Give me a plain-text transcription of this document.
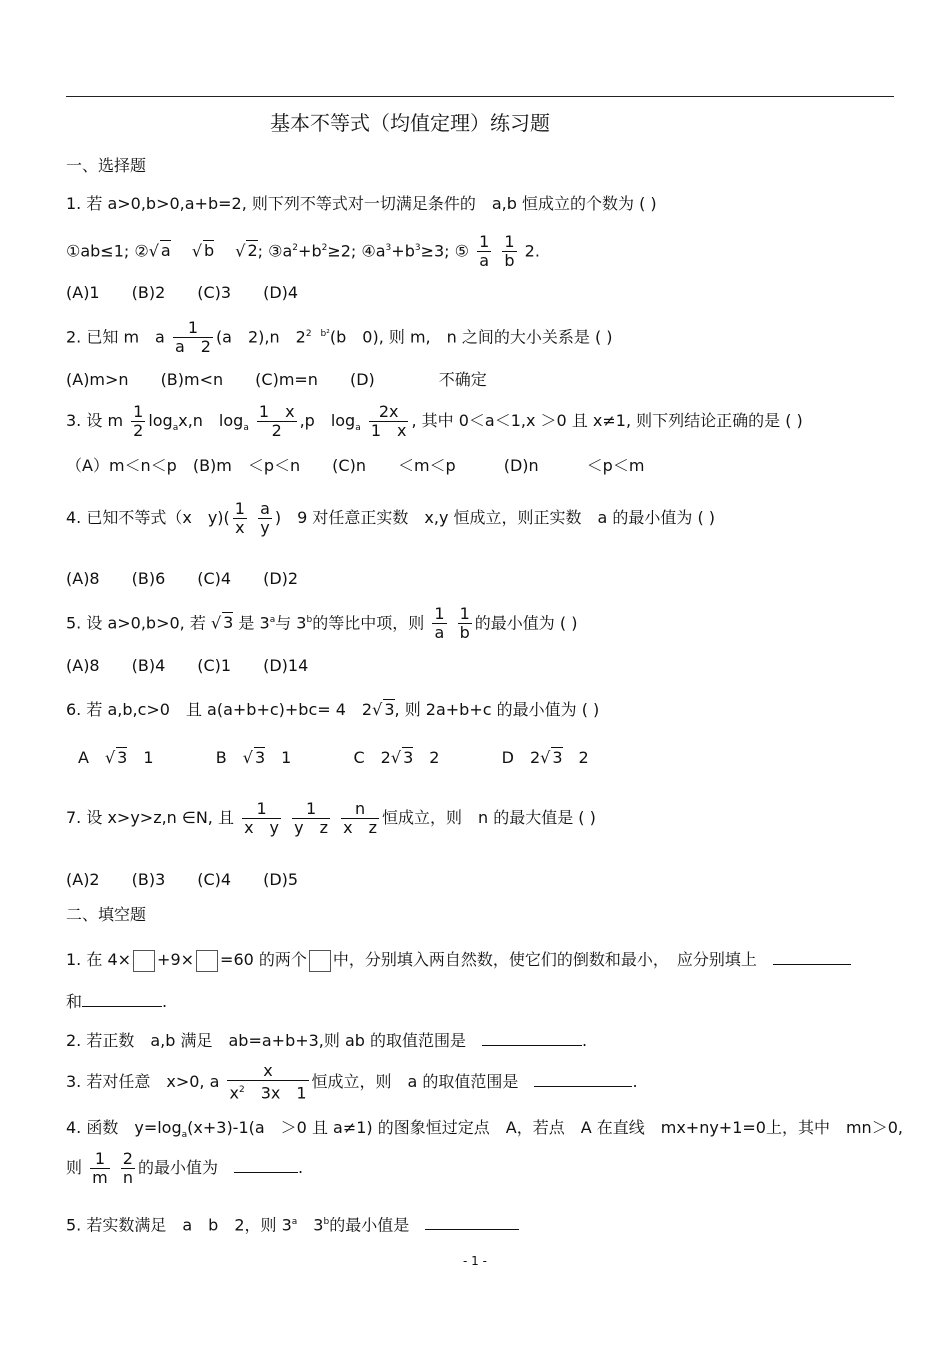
基本不等式（均值定理）练习题
一、选择题
1. 若 a>0,b>0,a+b=2, 则下列不等式对一切满足条件的　a,b 恒成立的个数为 ( )
①ab≤1; ②√ a 　 √ b 　 √ 2; $③a^2+b^2\ge 2$; $④a^3+b^3\ge 3$; ⑤ $\frac{1}{a}$
$\frac{1}{b} 2$.
(A)1　　(B)2　　(C)3　　(D)4
2. 已知 m　a $\frac{1}{a 2} (a$　2),n　$2^{2 b^2}(b$　0), 则 m,　n 之间的大小关系是 ( )
(A)m>n　　(B)m<n　　(C)m=n　　(D)　　　　不确定
3. 设 m $\frac{1}{2} \log_ax,n$　$\log_a \frac{1 x}{2} ,p$　$\log_a \frac{2x}{1 x}$ , 其中 0＜a＜1,x ＞0 且 x≠1, 则下列结论正确的是 ( )
（A）m＜n＜p　(B)m　＜p＜n　　(C)n　　＜m＜p　　　(D)n　　　＜p＜m
4. 已知不等式（x　$y)( \frac{1}{x}$
$\frac{a}{y}$ )　9 对任意正实数　x,y 恒成立，则正实数　a 的最小值为 ( )
(A)8　　(B)6　　(C)4　　(D)2
5. 设 a>0,b>0, 若 √ 3 是 3$^a$与 3$^b$的等比中项，则 $\frac{1}{a}$
$\frac{1}{b}$ 的最小值为 ( )
(A)8　　(B)4　　(C)1　　(D)14
6. 若 a,b,c>0　且 a(a+b+c)+bc= 4　2√ 3, 则 2a+b+c 的最小值为 ( )
A　 √ 3　1	B　 √ 3　1	C　2√ 3　2	D　2√ 3　2
7. 设 x>y>z,n ∈N, 且 $\frac{1}{\text{x　y}}$
$\frac{1}{\text{y　z}}$
$\frac{n}{\text{x　z}}$ 恒成立，则　n 的最大值是 ( )
(A)2　　(B)3　　(C)4　　(D)5
二、填空题
1. 在 4× +9× =60 的两个 中，分别填入两自然数，使它们的倒数和最小，　应分别填上　
和	.
2. 若正数　a,b 满足　ab=a+b+3,则 ab 的取值范围是　	.
3. 若对任意　x>0, a $\frac{x}{x^2 3x 1}$ 恒成立，则　a 的取值范围是　	.
4. 函数　$y=\log_a(x+3)-1(a$　＞0 且 a≠1) 的图象恒过定点　A，若点　A 在直线　mx+ny+1=0上，其中　mn＞0,
则 $\frac{1}{m}$
$\frac{2}{n}$ 的最小值为　	.
5. 若实数满足　a　b　2，则 3$^a$　3$^b$的最小值是　
- 1 -
